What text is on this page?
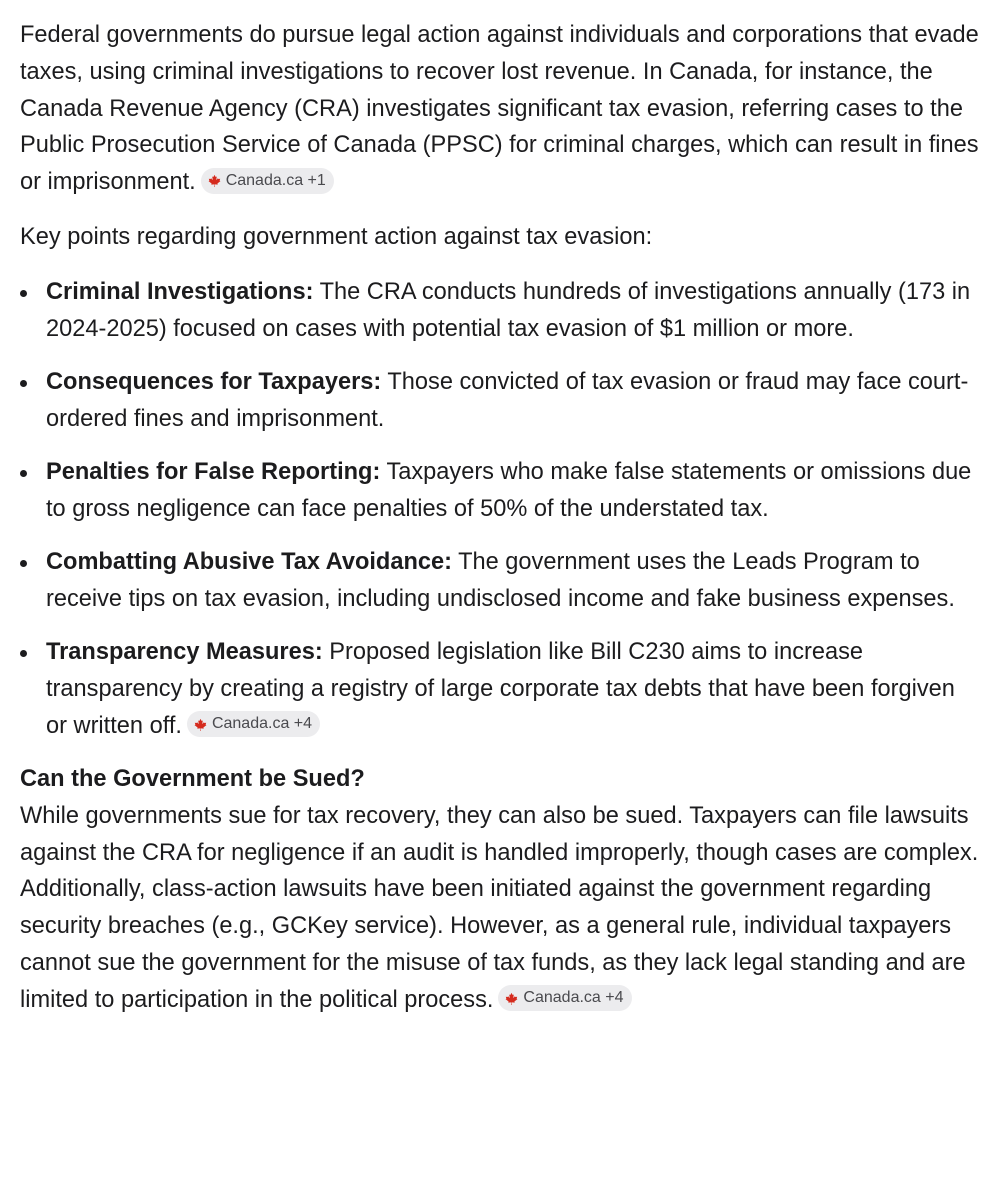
Federal governments do pursue legal action against individuals and corporations that evade taxes, using criminal investigations to recover lost revenue. In Canada, for instance, the Canada Revenue Agency (CRA) investigates significant tax evasion, referring cases to the Public Prosecution Service of Canada (PPSC) for criminal charges, which can result in fines or imprisonment. Canada.ca +1

Key points regarding government action against tax evasion:

Criminal Investigations: The CRA conducts hundreds of investigations annually (173 in 2024-2025) focused on cases with potential tax evasion of $1 million or more.
Consequences for Taxpayers: Those convicted of tax evasion or fraud may face court-ordered fines and imprisonment.
Penalties for False Reporting: Taxpayers who make false statements or omissions due to gross negligence can face penalties of 50% of the understated tax.
Combatting Abusive Tax Avoidance: The government uses the Leads Program to receive tips on tax evasion, including undisclosed income and fake business expenses.
Transparency Measures: Proposed legislation like Bill C230 aims to increase transparency by creating a registry of large corporate tax debts that have been forgiven or written off. Canada.ca +4
Can the Government be Sued?

While governments sue for tax recovery, they can also be sued. Taxpayers can file lawsuits against the CRA for negligence if an audit is handled improperly, though cases are complex. Additionally, class-action lawsuits have been initiated against the government regarding security breaches (e.g., GCKey service). However, as a general rule, individual taxpayers cannot sue the government for the misuse of tax funds, as they lack legal standing and are limited to participation in the political process. Canada.ca +4
